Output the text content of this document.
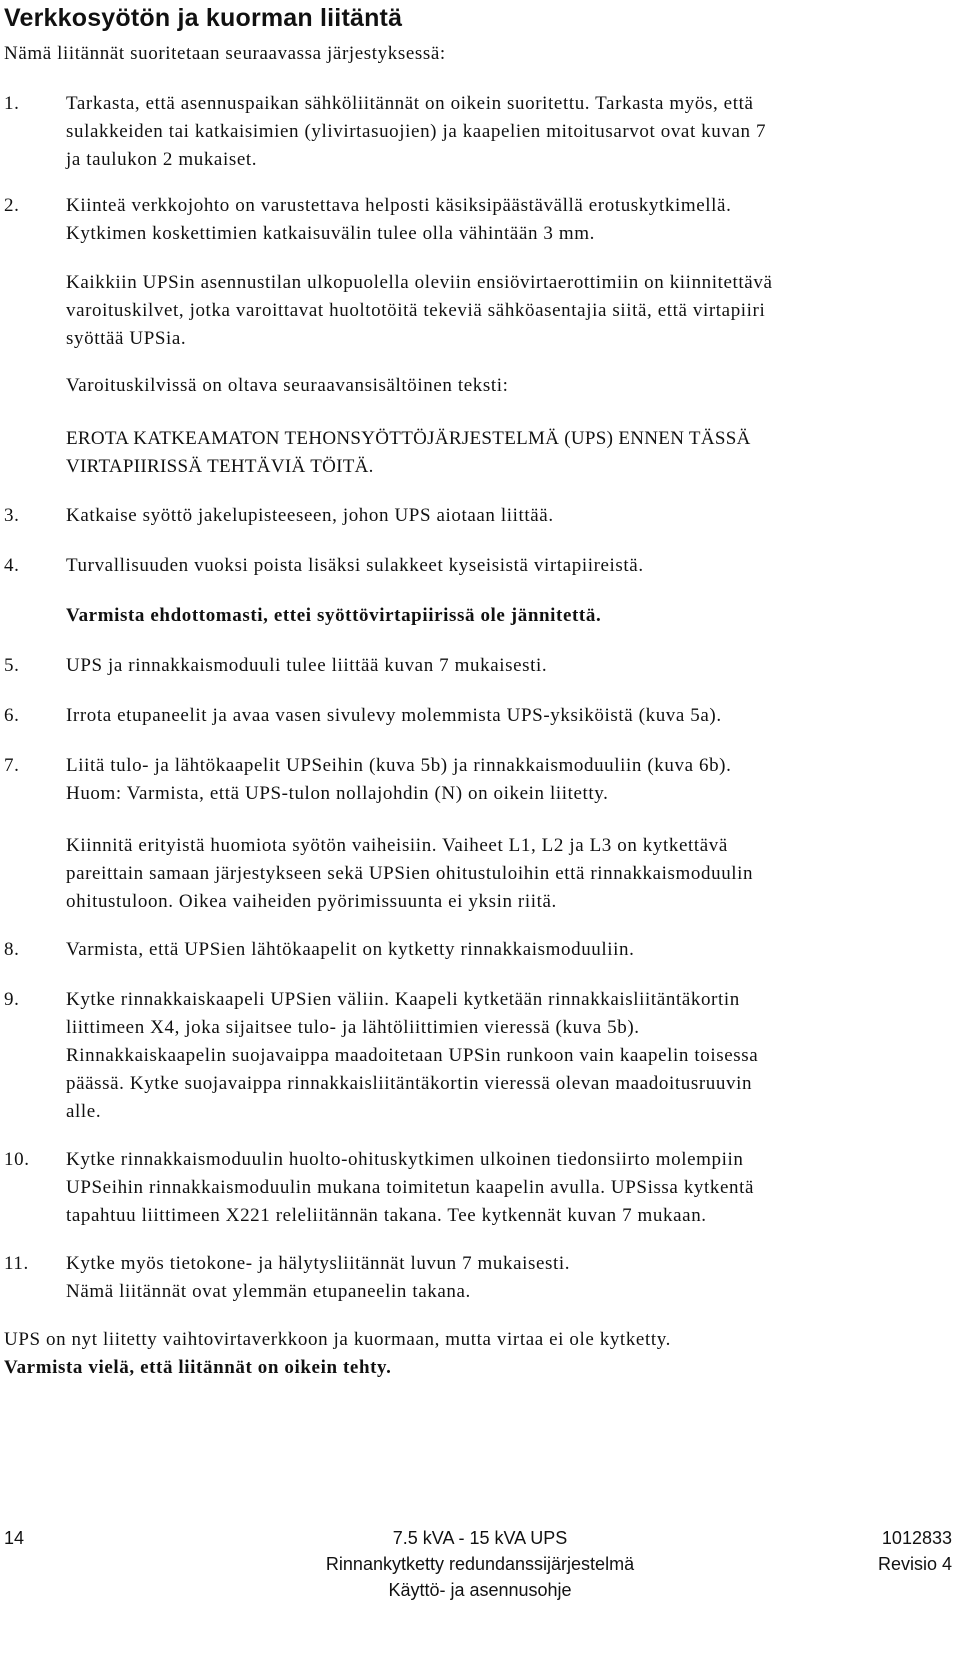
Verkkosyötön ja kuorman liitäntä
Nämä liitännät suoritetaan seuraavassa järjestyksessä:
1. Tarkasta, että asennuspaikan sähköliitännät on oikein suoritettu. Tarkasta myös, että
sulakkeiden tai katkaisimien (ylivirtasuojien) ja kaapelien mitoitusarvot ovat kuvan 7
ja taulukon 2 mukaiset.
2. Kiinteä verkkojohto on varustettava helposti käsiksipäästävällä erotuskytkimellä.
Kytkimen koskettimien katkaisuvälin tulee olla vähintään 3 mm.
Kaikkiin UPSin asennustilan ulkopuolella oleviin ensiövirtaerottimiin on kiinnitettävä
varoituskilvet, jotka varoittavat huoltotöitä tekeviä sähköasentajia siitä, että virtapiiri
syöttää UPSia.
Varoituskilvissä on oltava seuraavansisältöinen teksti:
EROTA KATKEAMATON TEHONSYÖTTÖJÄRJESTELMÄ (UPS) ENNEN TÄSSÄ
VIRTAPIIRISSÄ TEHTÄVIÄ TÖITÄ.
3. Katkaise syöttö jakelupisteeseen, johon UPS aiotaan liittää.
4. Turvallisuuden vuoksi poista lisäksi sulakkeet kyseisistä virtapiireistä.
Varmista ehdottomasti, ettei syöttövirtapiirissä ole jännitettä.
5. UPS ja rinnakkaismoduuli tulee liittää kuvan 7 mukaisesti.
6. Irrota etupaneelit ja avaa vasen sivulevy molemmista UPS-yksiköistä (kuva 5a).
7. Liitä tulo- ja lähtökaapelit UPSeihin (kuva 5b) ja rinnakkaismoduuliin (kuva 6b).
Huom: Varmista, että UPS-tulon nollajohdin (N) on oikein liitetty.
Kiinnitä erityistä huomiota syötön vaiheisiin. Vaiheet L1, L2 ja L3 on kytkettävä
pareittain samaan järjestykseen sekä UPSien ohitustuloihin että rinnakkaismoduulin
ohitustuloon. Oikea vaiheiden pyörimissuunta ei yksin riitä.
8. Varmista, että UPSien lähtökaapelit on kytketty rinnakkaismoduuliin.
9. Kytke rinnakkaiskaapeli UPSien väliin. Kaapeli kytketään rinnakkaisliitäntäkortin
liittimeen X4, joka sijaitsee tulo- ja lähtöliittimien vieressä (kuva 5b).
Rinnakkaiskaapelin suojavaippa maadoitetaan UPSin runkoon vain kaapelin toisessa
päässä. Kytke suojavaippa rinnakkaisliitäntäkortin vieressä olevan maadoitusruuvin
alle.
10. Kytke rinnakkaismoduulin huolto-ohituskytkimen ulkoinen tiedonsiirto molempiin
UPSeihin rinnakkaismoduulin mukana toimitetun kaapelin avulla. UPSissa kytkentä
tapahtuu liittimeen X221 releliitännän takana. Tee kytkennät kuvan 7 mukaan.
11. Kytke myös tietokone- ja hälytysliitännät luvun 7 mukaisesti.
Nämä liitännät ovat ylemmän etupaneelin takana.
UPS on nyt liitetty vaihtovirtaverkkoon ja kuormaan, mutta virtaa ei ole kytketty.
Varmista vielä, että liitännät on oikein tehty.
14	7.5 kVA - 15 kVA UPS
Rinnankytketty redundanssijärjestelmä
Käyttö- ja asennusohje
1012833
Revisio 4
